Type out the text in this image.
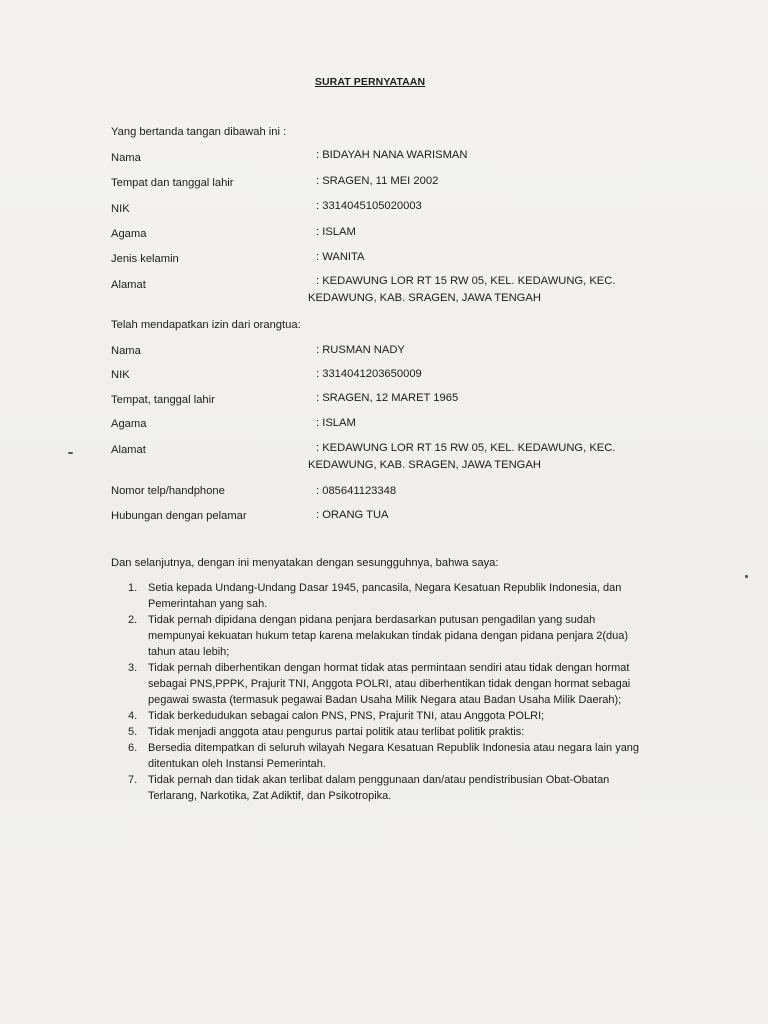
SURAT PERNYATAAN
Yang bertanda tangan dibawah ini :
Nama	: BIDAYAH NANA WARISMAN
Tempat dan tanggal lahir	: SRAGEN, 11 MEI 2002
NIK	: 3314045105020003
Agama	: ISLAM
Jenis kelamin	: WANITA
Alamat	: KEDAWUNG LOR RT 15 RW 05, KEL. KEDAWUNG, KEC.
KEDAWUNG, KAB. SRAGEN, JAWA TENGAH
Telah mendapatkan izin dari orangtua:
Nama	: RUSMAN NADY
NIK	: 3314041203650009
Tempat, tanggal lahir	: SRAGEN, 12 MARET 1965
Agama	: ISLAM
Alamat	: KEDAWUNG LOR RT 15 RW 05, KEL. KEDAWUNG, KEC.
KEDAWUNG, KAB. SRAGEN, JAWA TENGAH
Nomor telp/handphone	: 085641123348
Hubungan dengan pelamar	: ORANG TUA
Dan selanjutnya, dengan ini menyatakan dengan sesungguhnya, bahwa saya:
1. Setia kepada Undang-Undang Dasar 1945, pancasila, Negara Kesatuan Republik Indonesia, dan Pemerintahan yang sah.
2. Tidak pernah dipidana dengan pidana penjara berdasarkan putusan pengadilan yang sudah mempunyai kekuatan hukum tetap karena melakukan tindak pidana dengan pidana penjara 2(dua) tahun atau lebih;
3. Tidak pernah diberhentikan dengan hormat tidak atas permintaan sendiri atau tidak dengan hormat sebagai PNS,PPPK, Prajurit TNI, Anggota POLRI, atau diberhentikan tidak dengan hormat sebagai pegawai swasta (termasuk pegawai Badan Usaha Milik Negara atau Badan Usaha Milik Daerah);
4. Tidak berkedudukan sebagai calon PNS, PNS, Prajurit TNI, atau Anggota POLRI;
5. Tidak menjadi anggota atau pengurus partai politik atau terlibat politik praktis:
6. Bersedia ditempatkan di seluruh wilayah Negara Kesatuan Republik Indonesia atau negara lain yang ditentukan oleh Instansi Pemerintah.
7. Tidak pernah dan tidak akan terlibat dalam penggunaan dan/atau pendistribusian Obat-Obatan Terlarang, Narkotika, Zat Adiktif, dan Psikotropika.
